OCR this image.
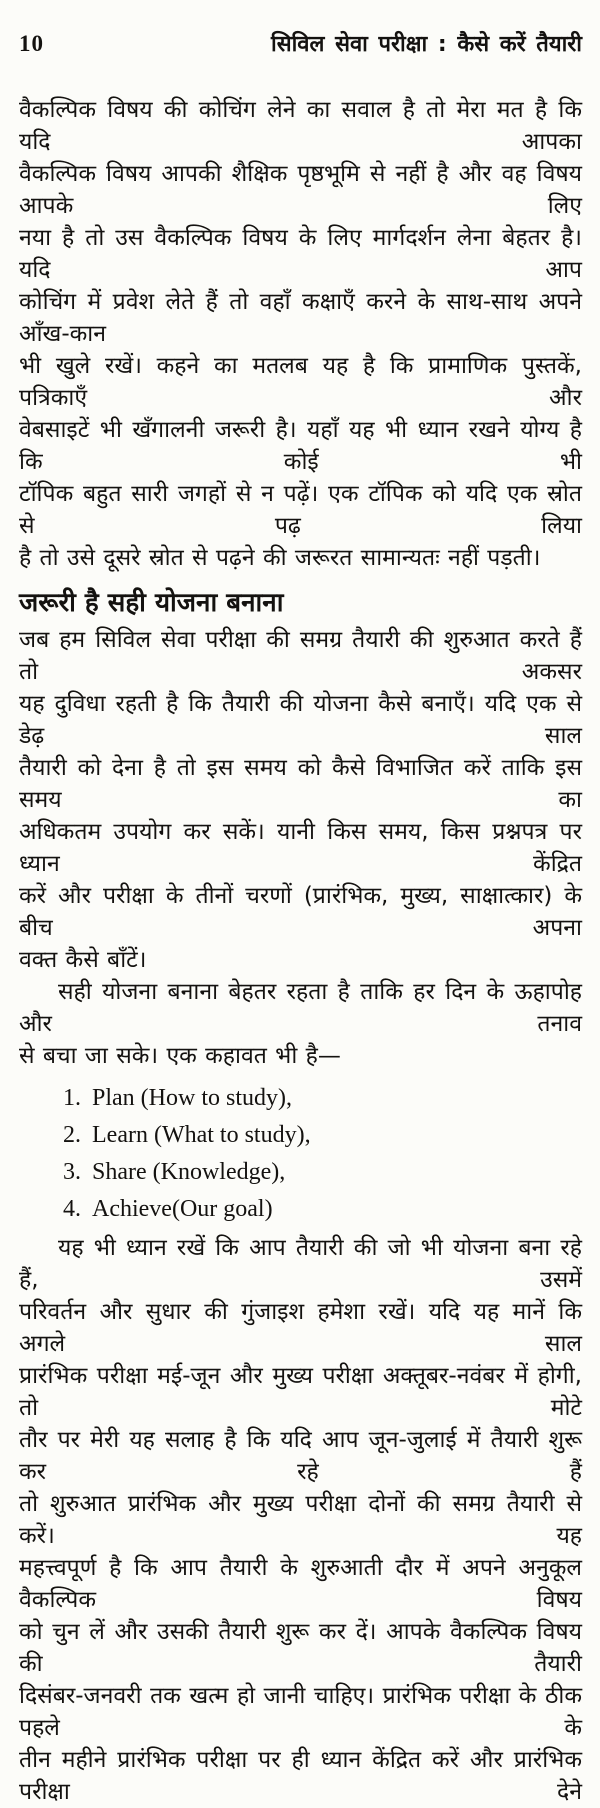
10	सिविल सेवा परीक्षा : कैसे करें तैयारी
वैकल्पिक विषय की कोचिंग लेने का सवाल है तो मेरा मत है कि यदि आपका
वैकल्पिक विषय आपकी शैक्षिक पृष्ठभूमि से नहीं है और वह विषय आपके लिए
नया है तो उस वैकल्पिक विषय के लिए मार्गदर्शन लेना बेहतर है। यदि आप
कोचिंग में प्रवेश लेते हैं तो वहाँ कक्षाएँ करने के साथ-साथ अपने आँख-कान
भी खुले रखें। कहने का मतलब यह है कि प्रामाणिक पुस्तकें, पत्रिकाएँ और
वेबसाइटें भी खँगालनी जरूरी है। यहाँ यह भी ध्यान रखने योग्य है कि कोई भी
टॉपिक बहुत सारी जगहों से न पढ़ें। एक टॉपिक को यदि एक स्रोत से पढ़ लिया
है तो उसे दूसरे स्रोत से पढ़ने की जरूरत सामान्यतः नहीं पड़ती।
जरूरी है सही योजना बनाना
जब हम सिविल सेवा परीक्षा की समग्र तैयारी की शुरुआत करते हैं तो अकसर
यह दुविधा रहती है कि तैयारी की योजना कैसे बनाएँ। यदि एक से डेढ़ साल
तैयारी को देना है तो इस समय को कैसे विभाजित करें ताकि इस समय का
अधिकतम उपयोग कर सकें। यानी किस समय, किस प्रश्नपत्र पर ध्यान केंद्रित
करें और परीक्षा के तीनों चरणों (प्रारंभिक, मुख्य, साक्षात्कार) के बीच अपना
वक्त कैसे बाँटें।
सही योजना बनाना बेहतर रहता है ताकि हर दिन के ऊहापोह और तनाव
से बचा जा सके। एक कहावत भी है—
1. Plan (How to study),
2. Learn (What to study),
3. Share (Knowledge),
4. Achieve(Our goal)
यह भी ध्यान रखें कि आप तैयारी की जो भी योजना बना रहे हैं, उसमें
परिवर्तन और सुधार की गुंजाइश हमेशा रखें। यदि यह मानें कि अगले साल
प्रारंभिक परीक्षा मई-जून और मुख्य परीक्षा अक्तूबर-नवंबर में होगी, तो मोटे
तौर पर मेरी यह सलाह है कि यदि आप जून-जुलाई में तैयारी शुरू कर रहे हैं
तो शुरुआत प्रारंभिक और मुख्य परीक्षा दोनों की समग्र तैयारी से करें। यह
महत्त्वपूर्ण है कि आप तैयारी के शुरुआती दौर में अपने अनुकूल वैकल्पिक विषय
को चुन लें और उसकी तैयारी शुरू कर दें। आपके वैकल्पिक विषय की तैयारी
दिसंबर-जनवरी तक खत्म हो जानी चाहिए। प्रारंभिक परीक्षा के ठीक पहले के
तीन महीने प्रारंभिक परीक्षा पर ही ध्यान केंद्रित करें और प्रारंभिक परीक्षा देने
